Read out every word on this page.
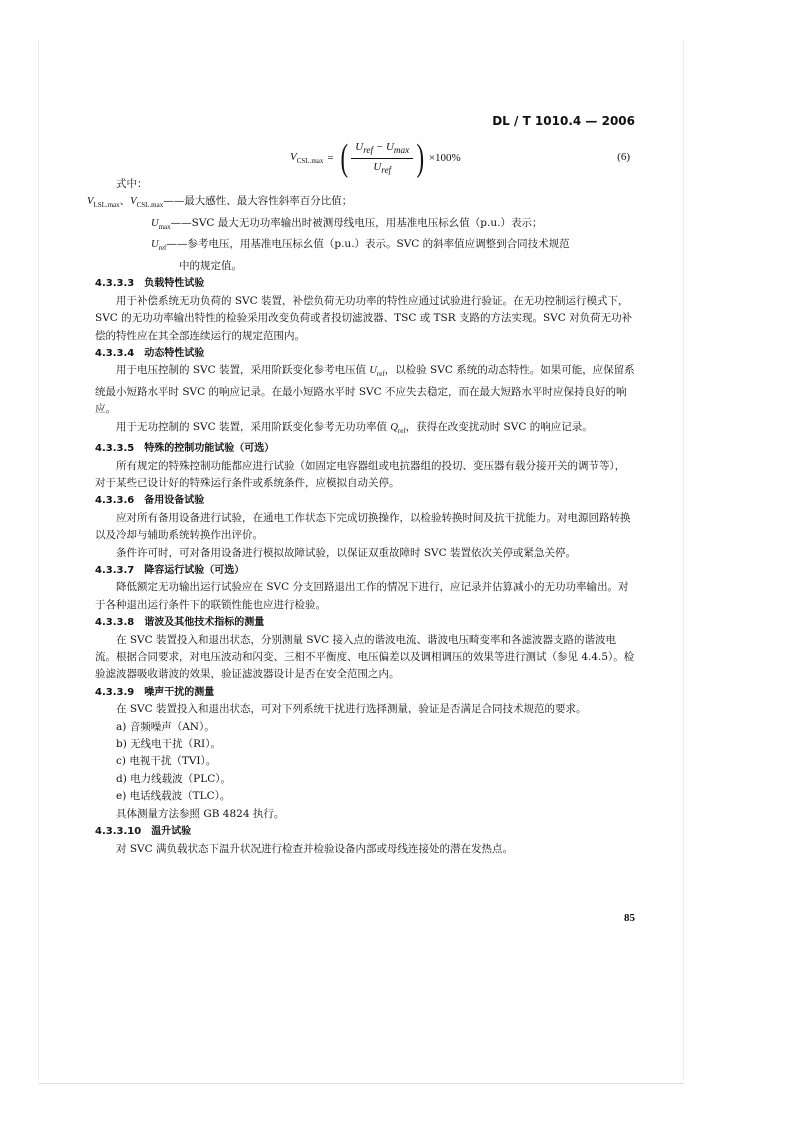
DL / T 1010.4 — 2006
$V_{CSL.max}$ = ( $\frac{U_{ref} - U_{max}}{U_{ref}}$ ) ×100%	(6)

式中：

$V_{LSL.max}$ 、 $V_{CSL.max}$ ——最大感性、最大容性斜率百分比值；
$U_{max}——SVC$ 最大无功功率输出时被测母线电压，用基准电压标幺值（p.u.）表示；
$U_{ref}——$参考电压，用基准电压标幺值（p.u.）表示。SVC 的斜率值应调整到合同技术规范
中的规定值。

4.3.3.3 负载特性试验

用于补偿系统无功负荷的 SVC 装置，补偿负荷无功功率的特性应通过试验进行验证。在无功控制运行模式下，SVC 的无功功率输出特性的检验采用改变负荷或者投切滤波器、TSC 或 TSR 支路的方法实现。SVC 对负荷无功补偿的特性应在其全部连续运行的规定范围内。

4.3.3.4 动态特性试验

用于电压控制的 SVC 装置，采用阶跃变化参考电压值 $U_{ref}$，以检验 SVC 系统的动态特性。如果可能，应保留系统最小短路水平时 SVC 的响应记录。在最小短路水平时 SVC 不应失去稳定，而在最大短路水平时应保持良好的响应。

用于无功控制的 SVC 装置，采用阶跃变化参考无功功率值 $Q_{ref}$，获得在改变扰动时 SVC 的响应记录。

4.3.3.5 特殊的控制功能试验（可选）

所有规定的特殊控制功能都应进行试验（如固定电容器组或电抗器组的投切、变压器有载分接开关的调节等），对于某些已设计好的特殊运行条件或系统条件，应模拟自动关停。

4.3.3.6 备用设备试验

应对所有备用设备进行试验，在通电工作状态下完成切换操作，以检验转换时间及抗干扰能力。对电源回路转换以及冷却与辅助系统转换作出评价。

条件许可时，可对备用设备进行模拟故障试验，以保证双重故障时 SVC 装置依次关停或紧急关停。

4.3.3.7 降容运行试验（可选）

降低额定无功输出运行试验应在 SVC 分支回路退出工作的情况下进行，应记录并估算减小的无功功率输出。对于各种退出运行条件下的联锁性能也应进行检验。

4.3.3.8 谐波及其他技术指标的测量

在 SVC 装置投入和退出状态，分别测量 SVC 接入点的谐波电流、谐波电压畸变率和各滤波器支路的谐波电流。根据合同要求，对电压波动和闪变、三相不平衡度、电压偏差以及调相调压的效果等进行测试（参见 4.4.5）。检验滤波器吸收谐波的效果，验证滤波器设计是否在安全范围之内。

4.3.3.9 噪声干扰的测量

在 SVC 装置投入和退出状态，可对下列系统干扰进行选择测量，验证是否满足合同技术规范的要求。

a) 音频噪声（AN）。
b) 无线电干扰（RI）。
c) 电视干扰（TVI）。
d) 电力线载波（PLC）。
e) 电话线载波（TLC）。

具体测量方法参照 GB 4824 执行。

4.3.3.10 温升试验

对 SVC 满负载状态下温升状况进行检查并检验设备内部或母线连接处的潜在发热点。

85
